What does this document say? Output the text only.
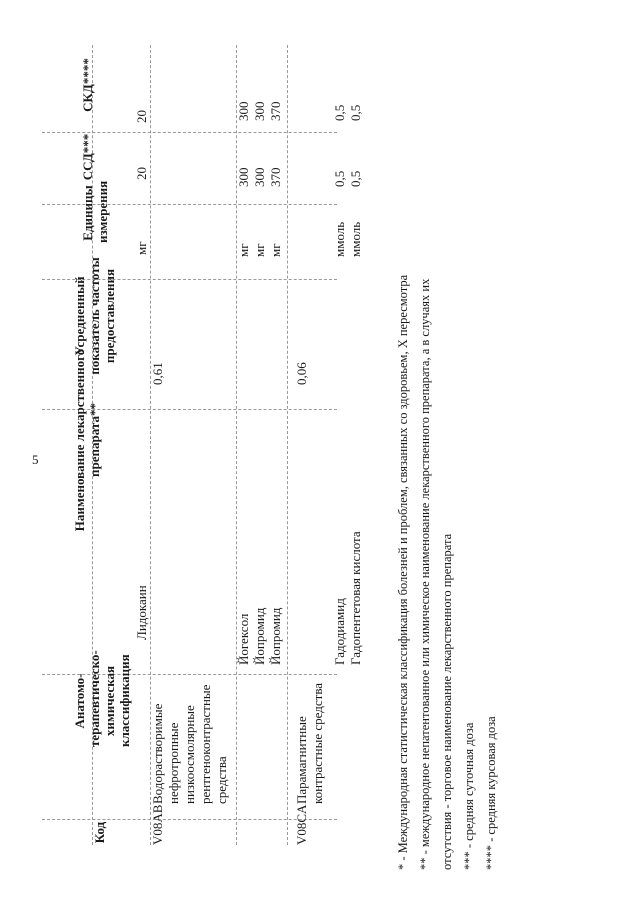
5
Код
Анатомо-терапевтическо-химическая классификация
Наименование лекарственного препарата**
Усредненный показатель частоты предоставления
Единицы измерения
ССД***
СКД****
V08AB
Водорастворимые нефротропные низкоосмолярные рентгеноконтрастные средства
Лидокаин
0,61
мг
20
20
Йогексол Йопромид Йопромид
мг мг мг
300 300 370
300 300 370
V08CA
Парамагнитные контрастные средства
0,06
Гадодиамид Гадопентетовая кислота
ммоль ммоль
0,5 0,5
0,5 0,5
* - Международная статистическая классификация болезней и проблем, связанных со здоровьем, X пересмотра ** - международное непатентованное или химическое наименование лекарственного препарата, а в случаях их отсутствия - торговое наименование лекарственного препарата *** - средняя суточная доза **** - средняя курсовая доза
